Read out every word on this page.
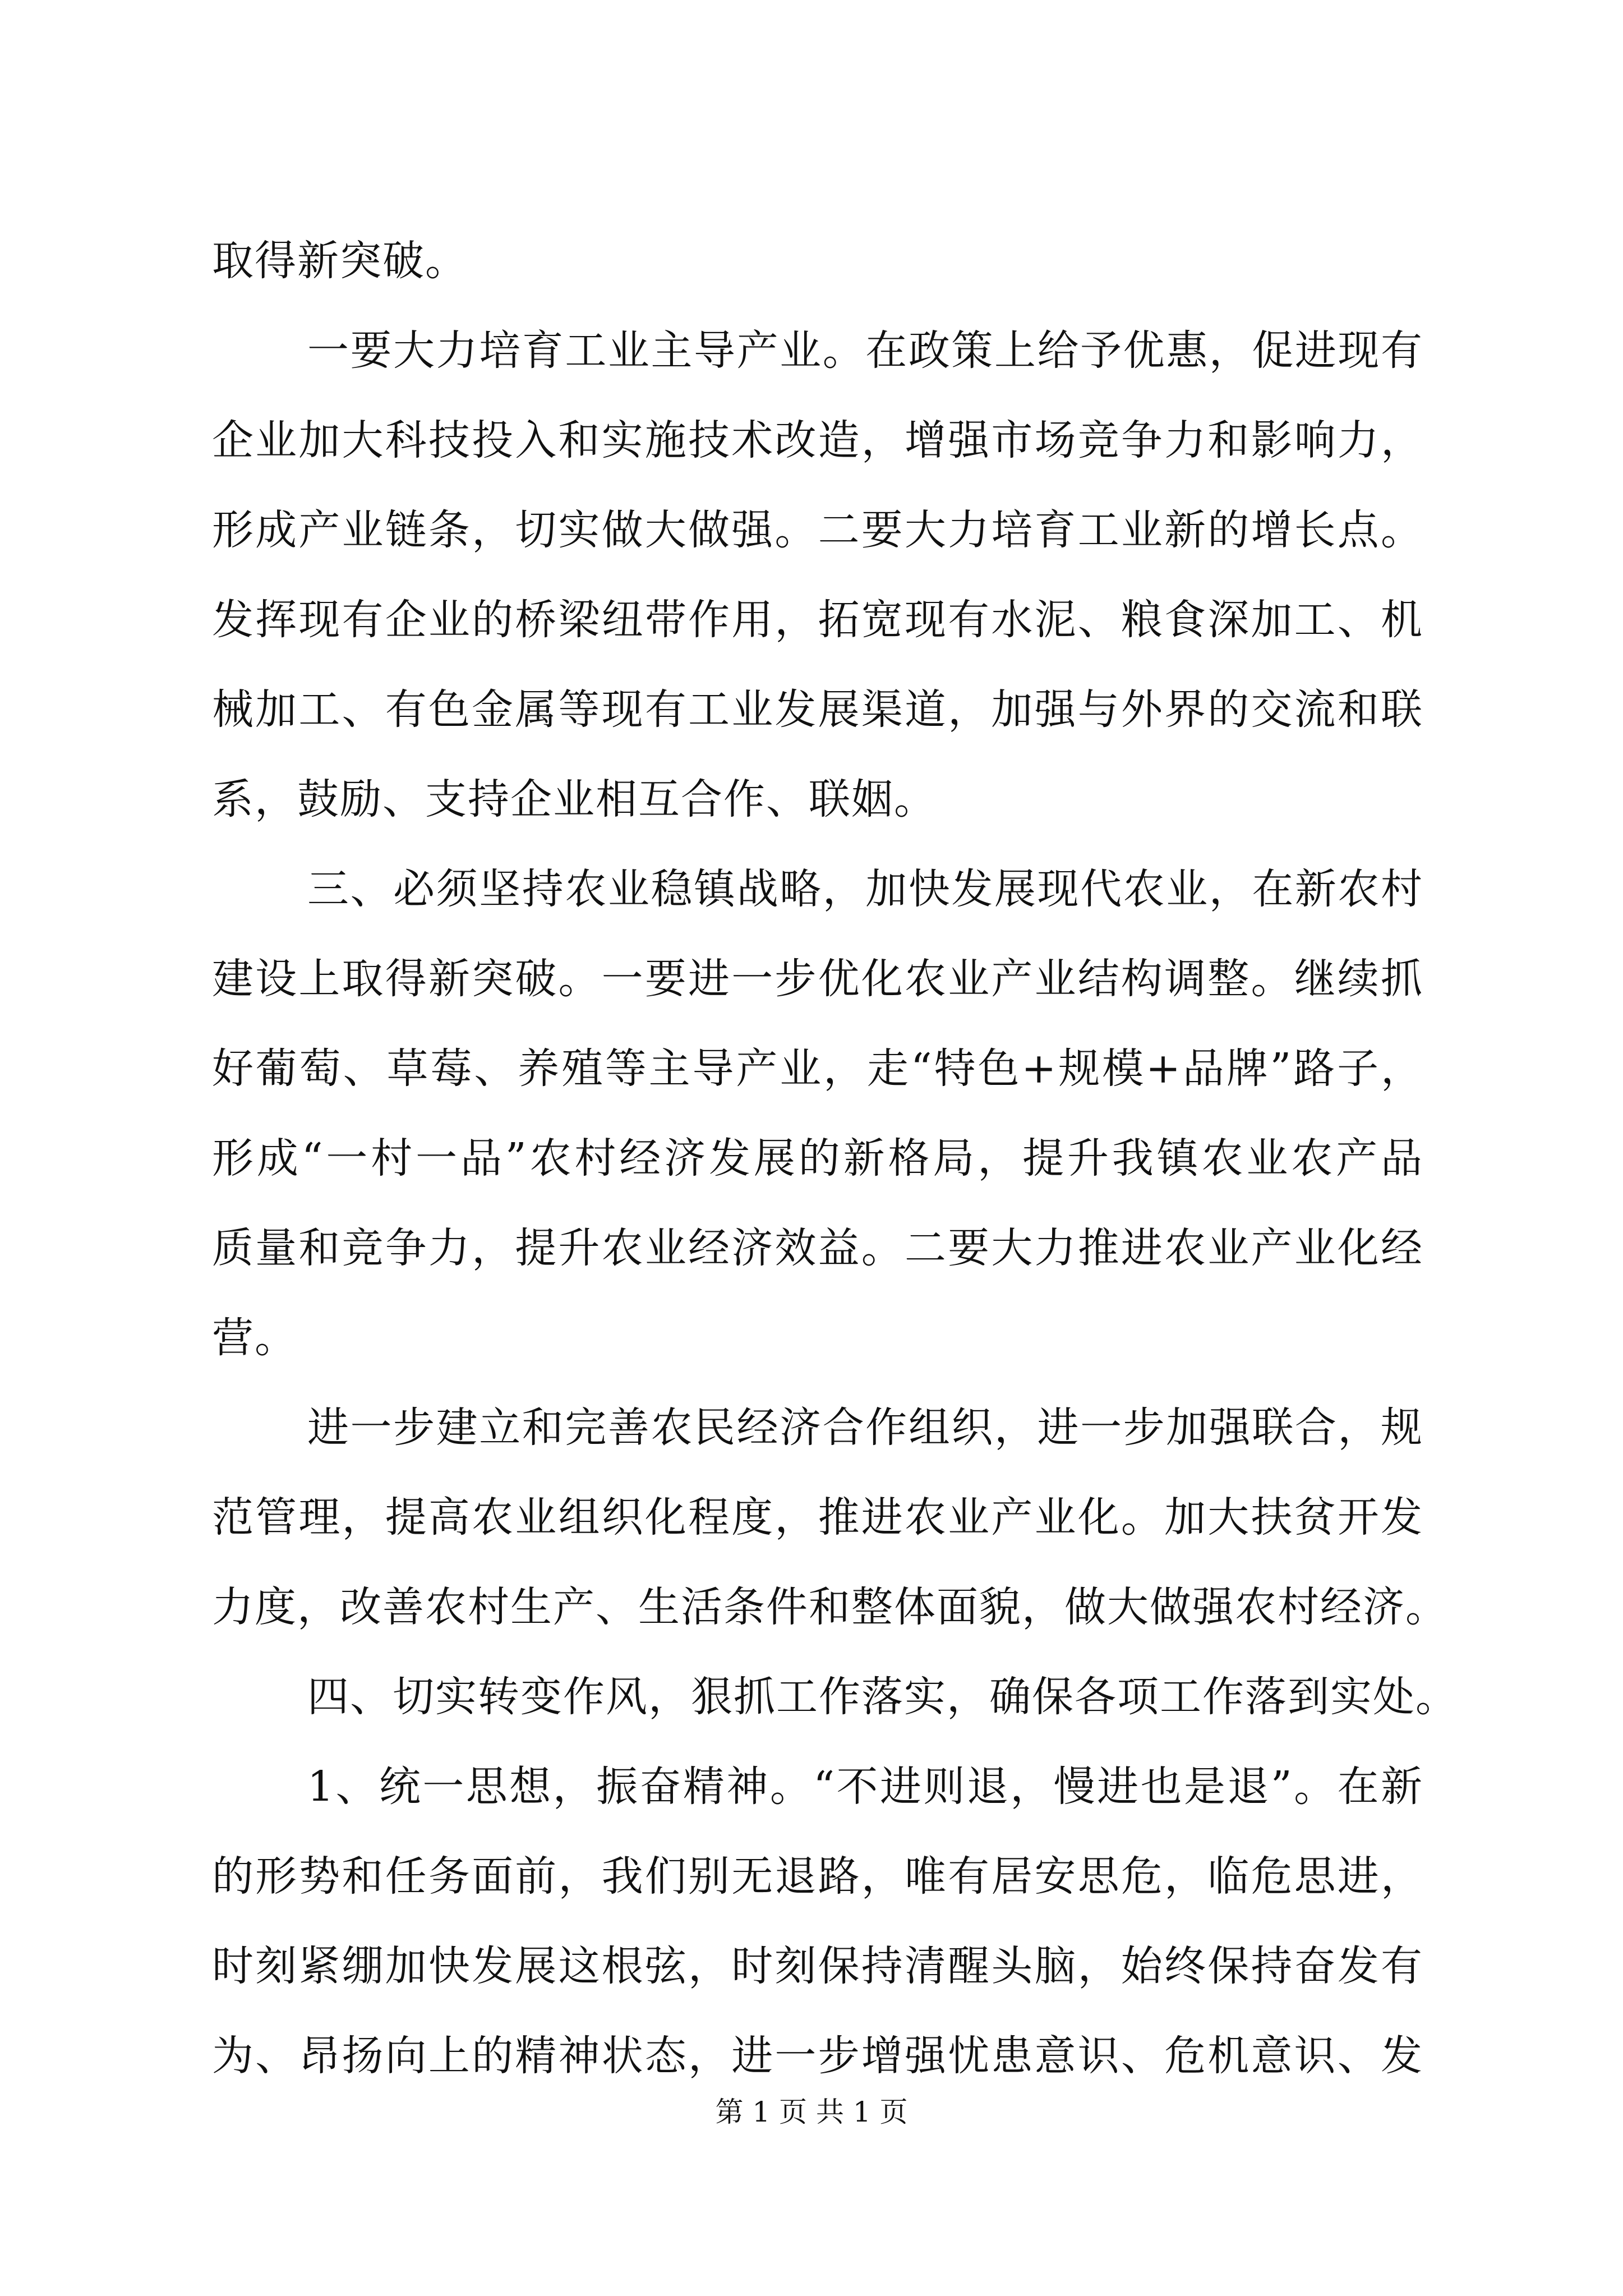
取得新突破。
一要大力培育工业主导产业。在政策上给予优惠，促进现有
企业加大科技投入和实施技术改造，增强市场竞争力和影响力，
形成产业链条，切实做大做强。二要大力培育工业新的增长点。
发挥现有企业的桥梁纽带作用，拓宽现有水泥、粮食深加工、机
械加工、有色金属等现有工业发展渠道，加强与外界的交流和联
系，鼓励、支持企业相互合作、联姻。
三、必须坚持农业稳镇战略，加快发展现代农业，在新农村
建设上取得新突破。一要进一步优化农业产业结构调整。继续抓
好葡萄、草莓、养殖等主导产业，走“特色+规模+品牌”路子，
形成“一村一品”农村经济发展的新格局，提升我镇农业农产品
质量和竞争力，提升农业经济效益。二要大力推进农业产业化经
营。
进一步建立和完善农民经济合作组织，进一步加强联合，规
范管理，提高农业组织化程度，推进农业产业化。加大扶贫开发
力度，改善农村生产、生活条件和整体面貌，做大做强农村经济。
四、切实转变作风，狠抓工作落实，确保各项工作落到实处。
1、统一思想，振奋精神。“不进则退，慢进也是退”。在新
的形势和任务面前，我们别无退路，唯有居安思危，临危思进，
时刻紧绷加快发展这根弦，时刻保持清醒头脑，始终保持奋发有
为、昂扬向上的精神状态，进一步增强忧患意识、危机意识、发
第 1 页 共 1 页
